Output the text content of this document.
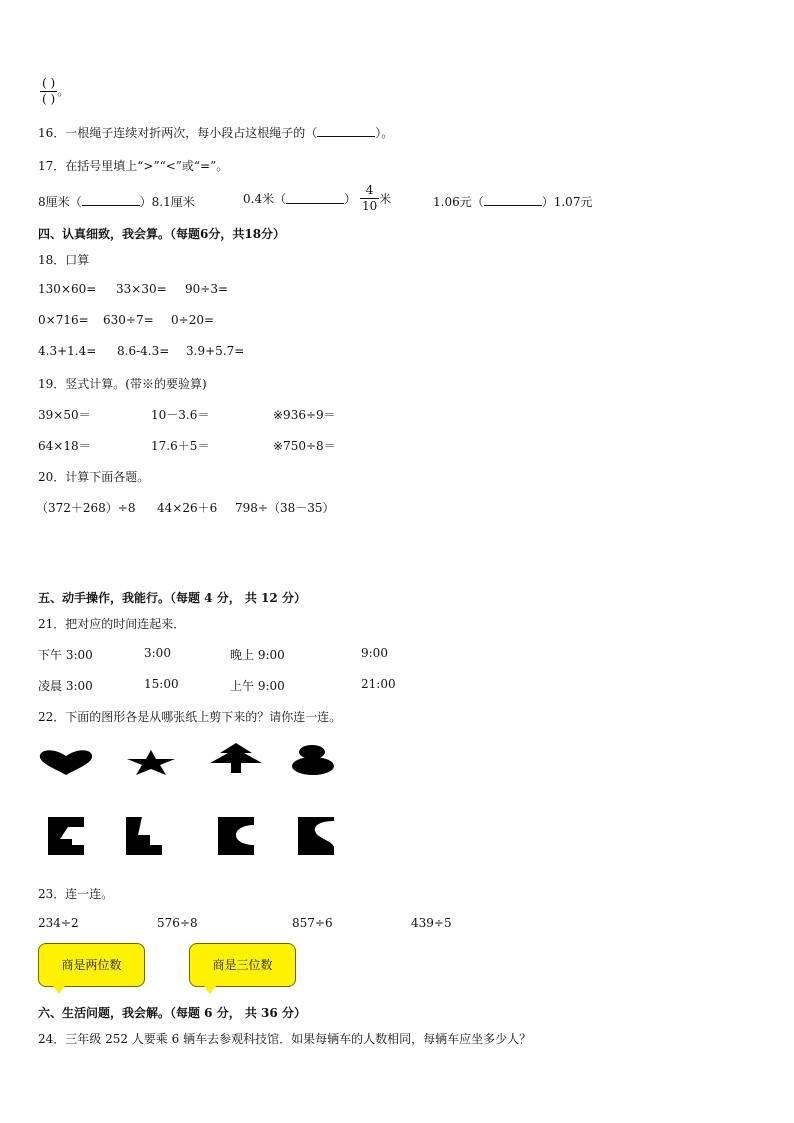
$\frac{( )}{( )}$ 。
16．一根绳子连续对折两次，每小段占这根绳子的（	）。
17．在括号里填上“>”“<”或“=”。
8厘米（	）8.1厘米	0.4米（	） $\frac{4}{10}$ 米	1.06元（	）1.07元
四、认真细致，我会算。（每题6分，共18分）
18．口算
130×60= 33×30= 90÷3=
0×716= 630÷7= 0÷20=
4.3+1.4= 8.6-4.3= 3.9+5.7=
19．竖式计算。(带※的要验算)
39×50＝	10－3.6＝	※936÷9＝
64×18＝	17.6＋5＝	※750÷8＝
20．计算下面各题。
（372＋268）÷8 44×26＋6 798÷（38－35）
五、动手操作，我能行。（每题 4 分， 共 12 分）
21．把对应的时间连起来．
下午 3:00	3:00	晚上 9:00	9:00
凌晨 3:00	15:00	上午 9:00	21:00
22．下面的图形各是从哪张纸上剪下来的？请你连一连。
23．连一连。
234÷2	576÷8	857÷6	439÷5
商是两位数	商是三位数
六、生活问题，我会解。（每题 6 分， 共 36 分）
24．三年级 252 人要乘 6 辆车去参观科技馆．如果每辆车的人数相同，每辆车应坐多少人？
